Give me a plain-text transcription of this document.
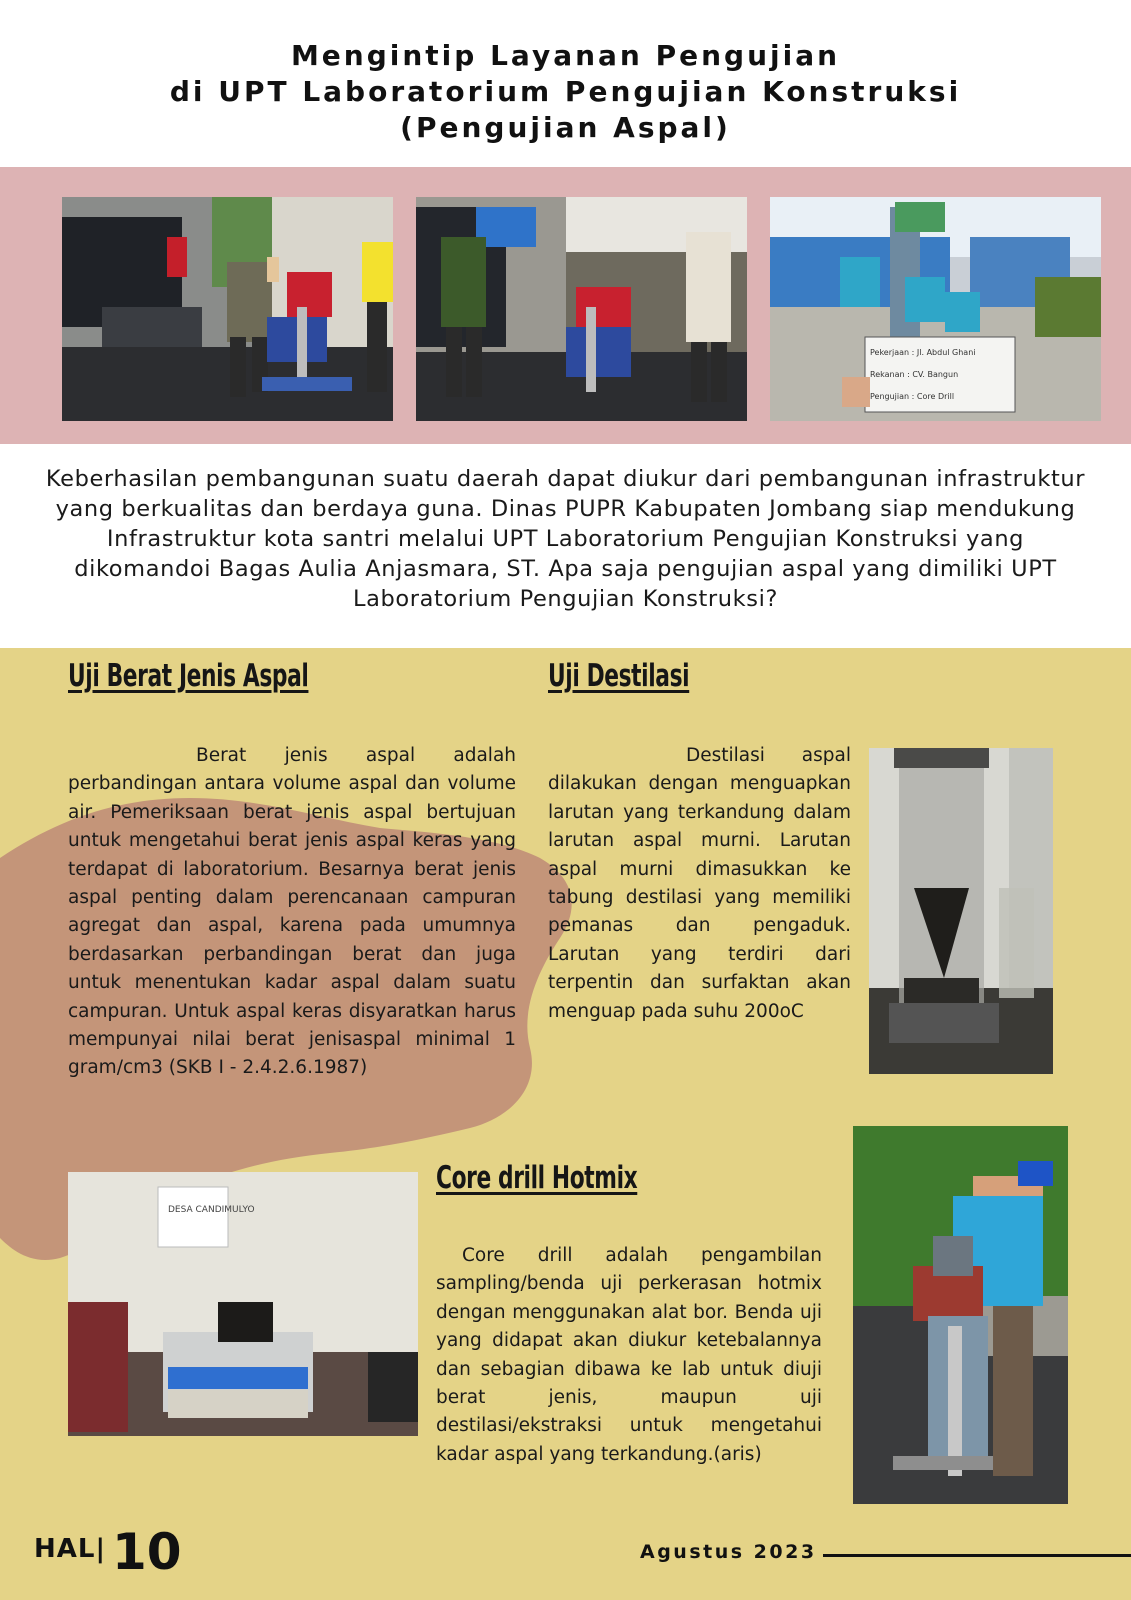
Mengintip Layanan Pengujian
di UPT Laboratorium Pengujian Konstruksi
(Pengujian Aspal)
Pekerjaan : Jl. Abdul Ghani
Rekanan : CV. Bangun
Pengujian : Core Drill
Keberhasilan pembangunan suatu daerah dapat diukur dari pembangunan infrastruktur yang berkualitas dan berdaya guna. Dinas PUPR Kabupaten Jombang siap mendukung Infrastruktur kota santri melalui UPT Laboratorium Pengujian Konstruksi yang dikomandoi Bagas Aulia Anjasmara, ST. Apa saja pengujian aspal yang dimiliki UPT Laboratorium Pengujian Konstruksi?
Uji Berat Jenis Aspal
Berat jenis aspal adalah perbandingan antara volume aspal dan volume air. Pemeriksaan berat jenis aspal bertujuan untuk mengetahui berat jenis aspal keras yang terdapat di laboratorium. Besarnya berat jenis aspal penting dalam perencanaan campuran agregat dan aspal, karena pada umumnya berdasarkan perbandingan berat dan juga untuk menentukan kadar aspal dalam suatu campuran. Untuk aspal keras disyaratkan harus mempunyai nilai berat jenisaspal minimal 1 gram/cm3 (SKB I - 2.4.2.6.1987)
Uji Destilasi
Destilasi aspal dilakukan dengan menguapkan larutan yang terkandung dalam larutan aspal murni. Larutan aspal murni dimasukkan ke tabung destilasi yang memiliki pemanas dan pengaduk. Larutan yang terdiri dari terpentin dan surfaktan akan menguap pada suhu 200oC
DESA CANDIMULYO
Core drill Hotmix
Core drill adalah pengambilan sampling/benda uji perkerasan hotmix dengan menggunakan alat bor. Benda uji yang didapat akan diukur ketebalannya dan sebagian dibawa ke lab untuk diuji berat jenis, maupun uji destilasi/ekstraksi untuk mengetahui kadar aspal yang terkandung.(aris)
HAL| 10	Agustus 2023
